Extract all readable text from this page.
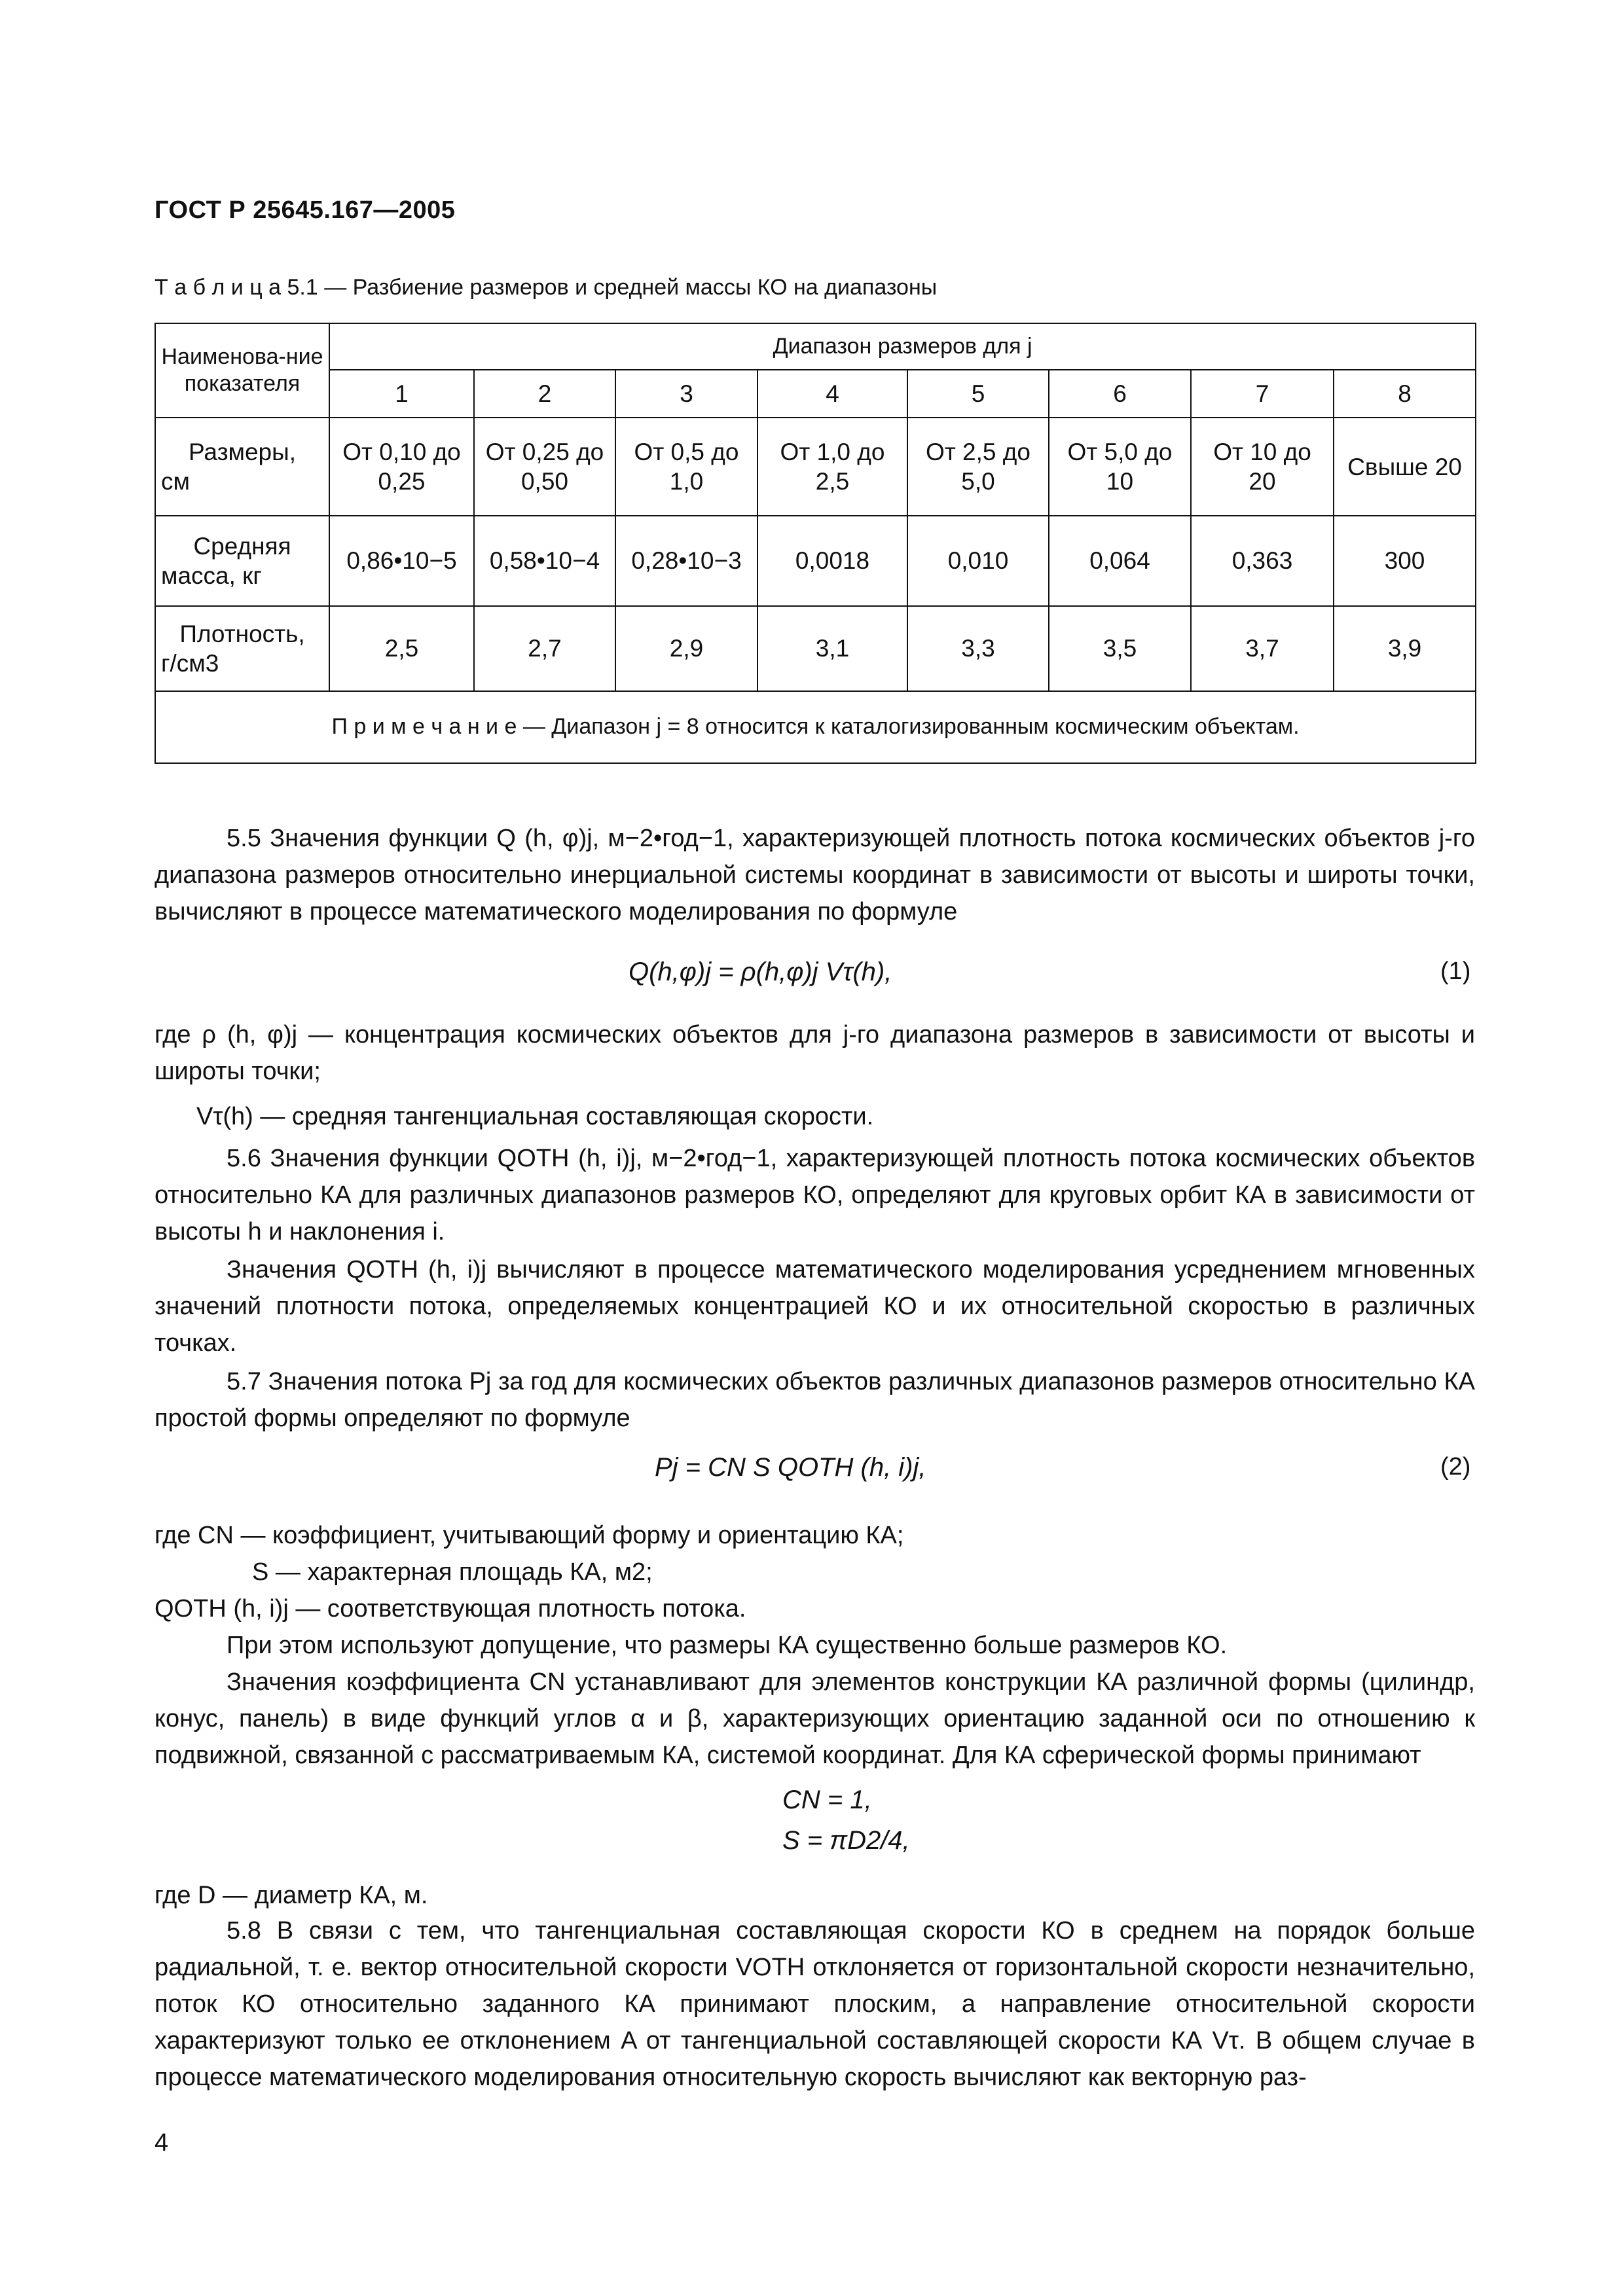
ГОСТ Р 25645.167—2005
Т а б л и ц а 5.1 — Разбиение размеров и средней массы КО на диапазоны
Наименова-ние показателя	Диапазон размеров для j							
	1	2	3	4	5	6	7	8
Размеры,
см	От 0,10 до 0,25	От 0,25 до 0,50	От 0,5 до 1,0	От 1,0 до 2,5	От 2,5 до 5,0	От 5,0 до 10	От 10 до 20	Свыше 20
Средняя
масса, кг	0,86•10−5	0,58•10−4	0,28•10−3	0,0018	0,010	0,064	0,363	300
Плотность,
г/см3	2,5	2,7	2,9	3,1	3,3	3,5	3,7	3,9
П р и м е ч а н и е — Диапазон j = 8 относится к каталогизированным космическим объектам.								
5.5 Значения функции Q (h, φ)j, м−2•год−1, характеризующей плотность потока космических объектов j-го диапазона размеров относительно инерциальной системы координат в зависимости от высоты и широты точки, вычисляют в процессе математического моделирования по формуле
Q(h,φ)j = ρ(h,φ)j Vτ(h),	(1)
где ρ (h, φ)j — концентрация космических объектов для j-го диапазона размеров в зависимости от высоты и широты точки;
Vτ(h) — средняя тангенциальная составляющая скорости.
5.6 Значения функции QОТН (h, i)j, м−2•год−1, характеризующей плотность потока космических объектов относительно КА для различных диапазонов размеров КО, определяют для круговых орбит КА в зависимости от высоты h и наклонения i.
Значения QОТН (h, i)j вычисляют в процессе математического моделирования усреднением мгновенных значений плотности потока, определяемых концентрацией КО и их относительной скоростью в различных точках.
5.7 Значения потока Pj за год для космических объектов различных диапазонов размеров относительно КА простой формы определяют по формуле
Pj = CN S QОТН (h, i)j,	(2)
где CN — коэффициент, учитывающий форму и ориентацию КА;
S — характерная площадь КА, м2;
QОТН (h, i)j — соответствующая плотность потока.
При этом используют допущение, что размеры КА существенно больше размеров КО.
Значения коэффициента CN устанавливают для элементов конструкции КА различной формы (цилиндр, конус, панель) в виде функций углов α и β, характеризующих ориентацию заданной оси по отношению к подвижной, связанной с рассматриваемым КА, системой координат. Для КА сферической формы принимают
CN = 1,
S = πD2/4,
где D — диаметр КА, м.
5.8 В связи с тем, что тангенциальная составляющая скорости КО в среднем на порядок больше радиальной, т. е. вектор относительной скорости VОТН отклоняется от горизонтальной скорости незначительно, поток КО относительно заданного КА принимают плоским, а направление относительной скорости характеризуют только ее отклонением A от тангенциальной составляющей скорости КА Vτ. В общем случае в процессе математического моделирования относительную скорость вычисляют как векторную раз-
4
